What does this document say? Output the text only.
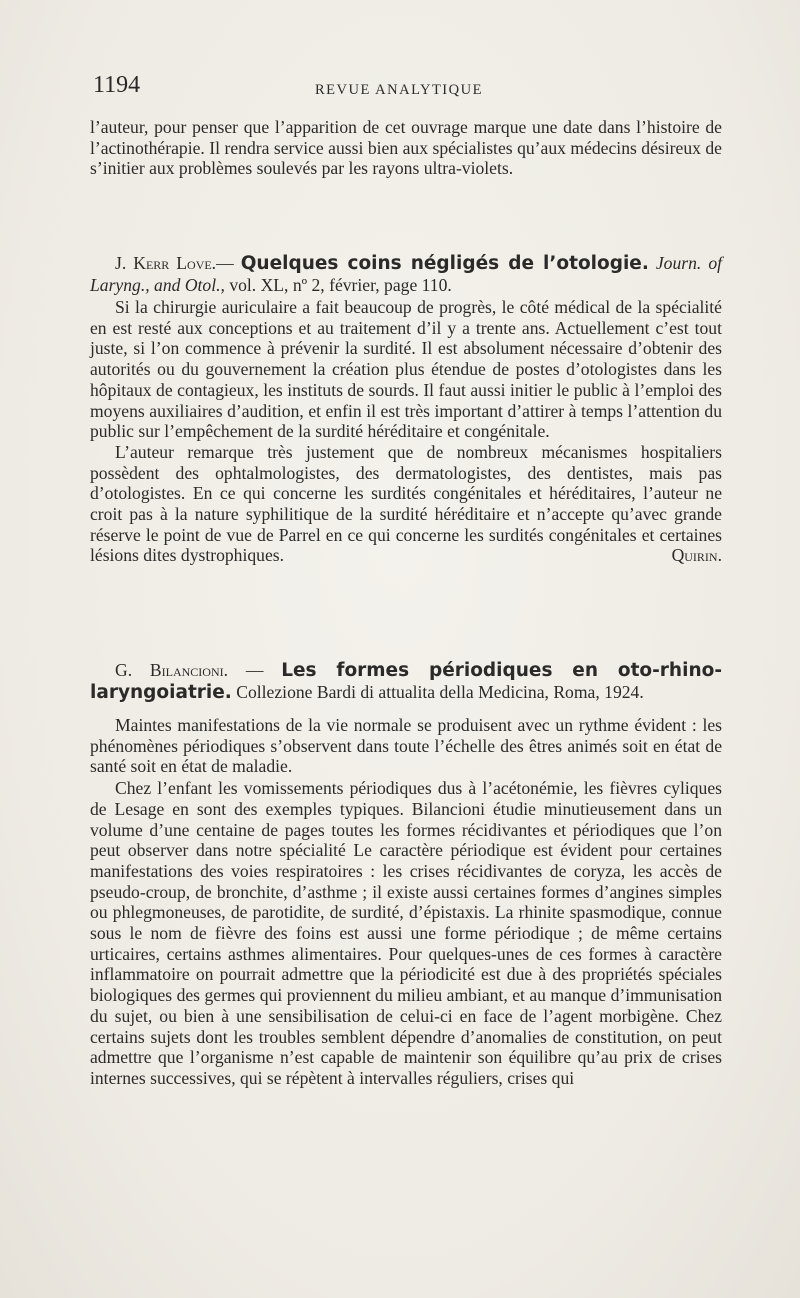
1194	REVUE ANALYTIQUE

l’auteur, pour penser que l’apparition de cet ouvrage marque une date dans l’histoire de l’actinothérapie. Il rendra service aussi bien aux spécialistes qu’aux médecins désireux de s’initier aux problèmes soulevés par les rayons ultra-violets.

J. Kerr Love.— Quelques coins négligés de l’otologie. Journ. of Laryng., and Otol., vol. XL, nº 2, février, page 110.

Si la chirurgie auriculaire a fait beaucoup de progrès, le côté médical de la spécialité en est resté aux conceptions et au traitement d’il y a trente ans. Actuellement c’est tout juste, si l’on commence à prévenir la surdité. Il est absolument nécessaire d’obtenir des autorités ou du gouvernement la création plus étendue de postes d’otologistes dans les hôpitaux de contagieux, les instituts de sourds. Il faut aussi initier le public à l’emploi des moyens auxiliaires d’audition, et enfin il est très important d’attirer à temps l’attention du public sur l’empêchement de la surdité héréditaire et congénitale.

L’auteur remarque très justement que de nombreux mécanismes hospitaliers possèdent des ophtalmologistes, des dermatologistes, des dentistes, mais pas d’otologistes. En ce qui concerne les surdités congénitales et héréditaires, l’auteur ne croit pas à la nature syphilitique de la surdité héréditaire et n’accepte qu’avec grande réserve le point de vue de Parrel en ce qui concerne les surdités congénitales et certaines lésions dites dystrophiques.	Quirin.

G. Bilancioni. — Les formes périodiques en oto-rhino-laryngoiatrie. Collezione Bardi di attualita della Medicina, Roma, 1924.

Maintes manifestations de la vie normale se produisent avec un rythme évident : les phénomènes périodiques s’observent dans toute l’échelle des êtres animés soit en état de santé soit en état de maladie.

Chez l’enfant les vomissements périodiques dus à l’acétonémie, les fièvres cyliques de Lesage en sont des exemples typiques. Bilancioni étudie minutieusement dans un volume d’une centaine de pages toutes les formes récidivantes et périodiques que l’on peut observer dans notre spécialité Le caractère périodique est évident pour certaines manifestations des voies respiratoires : les crises récidivantes de coryza, les accès de pseudo-croup, de bronchite, d’asthme ; il existe aussi certaines formes d’angines simples ou phlegmoneuses, de parotidite, de surdité, d’épistaxis. La rhinite spasmodique, connue sous le nom de fièvre des foins est aussi une forme périodique ; de même certains urticaires, certains asthmes alimentaires. Pour quelques-unes de ces formes à caractère inflammatoire on pourrait admettre que la périodicité est due à des propriétés spéciales biologiques des germes qui proviennent du milieu ambiant, et au manque d’immunisation du sujet, ou bien à une sensibilisation de celui-ci en face de l’agent morbigène. Chez certains sujets dont les troubles semblent dépendre d’anomalies de constitution, on peut admettre que l’organisme n’est capable de maintenir son équilibre qu’au prix de crises internes successives, qui se répètent à intervalles réguliers, crises qui
